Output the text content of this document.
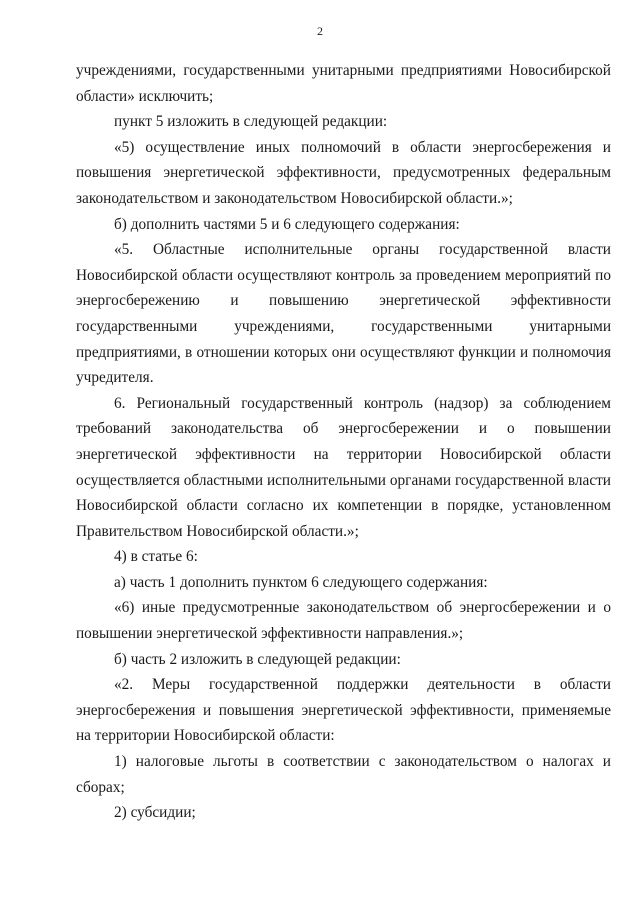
2

учреждениями, государственными унитарными предприятиями Новосибирской области» исключить;

пункт 5 изложить в следующей редакции:

«5) осуществление иных полномочий в области энергосбережения и повышения энергетической эффективности, предусмотренных федеральным законодательством и законодательством Новосибирской области.»;

б) дополнить частями 5 и 6 следующего содержания:

«5. Областные исполнительные органы государственной власти Новосибирской области осуществляют контроль за проведением мероприятий по энергосбережению и повышению энергетической эффективности государственными учреждениями, государственными унитарными предприятиями, в отношении которых они осуществляют функции и полномочия учредителя.

6. Региональный государственный контроль (надзор) за соблюдением требований законодательства об энергосбережении и о повышении энергетической эффективности на территории Новосибирской области осуществляется областными исполнительными органами государственной власти Новосибирской области согласно их компетенции в порядке, установленном Правительством Новосибирской области.»;

4) в статье 6:

а) часть 1 дополнить пунктом 6 следующего содержания:

«6) иные предусмотренные законодательством об энергосбережении и о повышении энергетической эффективности направления.»;

б) часть 2 изложить в следующей редакции:

«2. Меры государственной поддержки деятельности в области энергосбережения и повышения энергетической эффективности, применяемые на территории Новосибирской области:

1) налоговые льготы в соответствии с законодательством о налогах и сборах;

2) субсидии;
